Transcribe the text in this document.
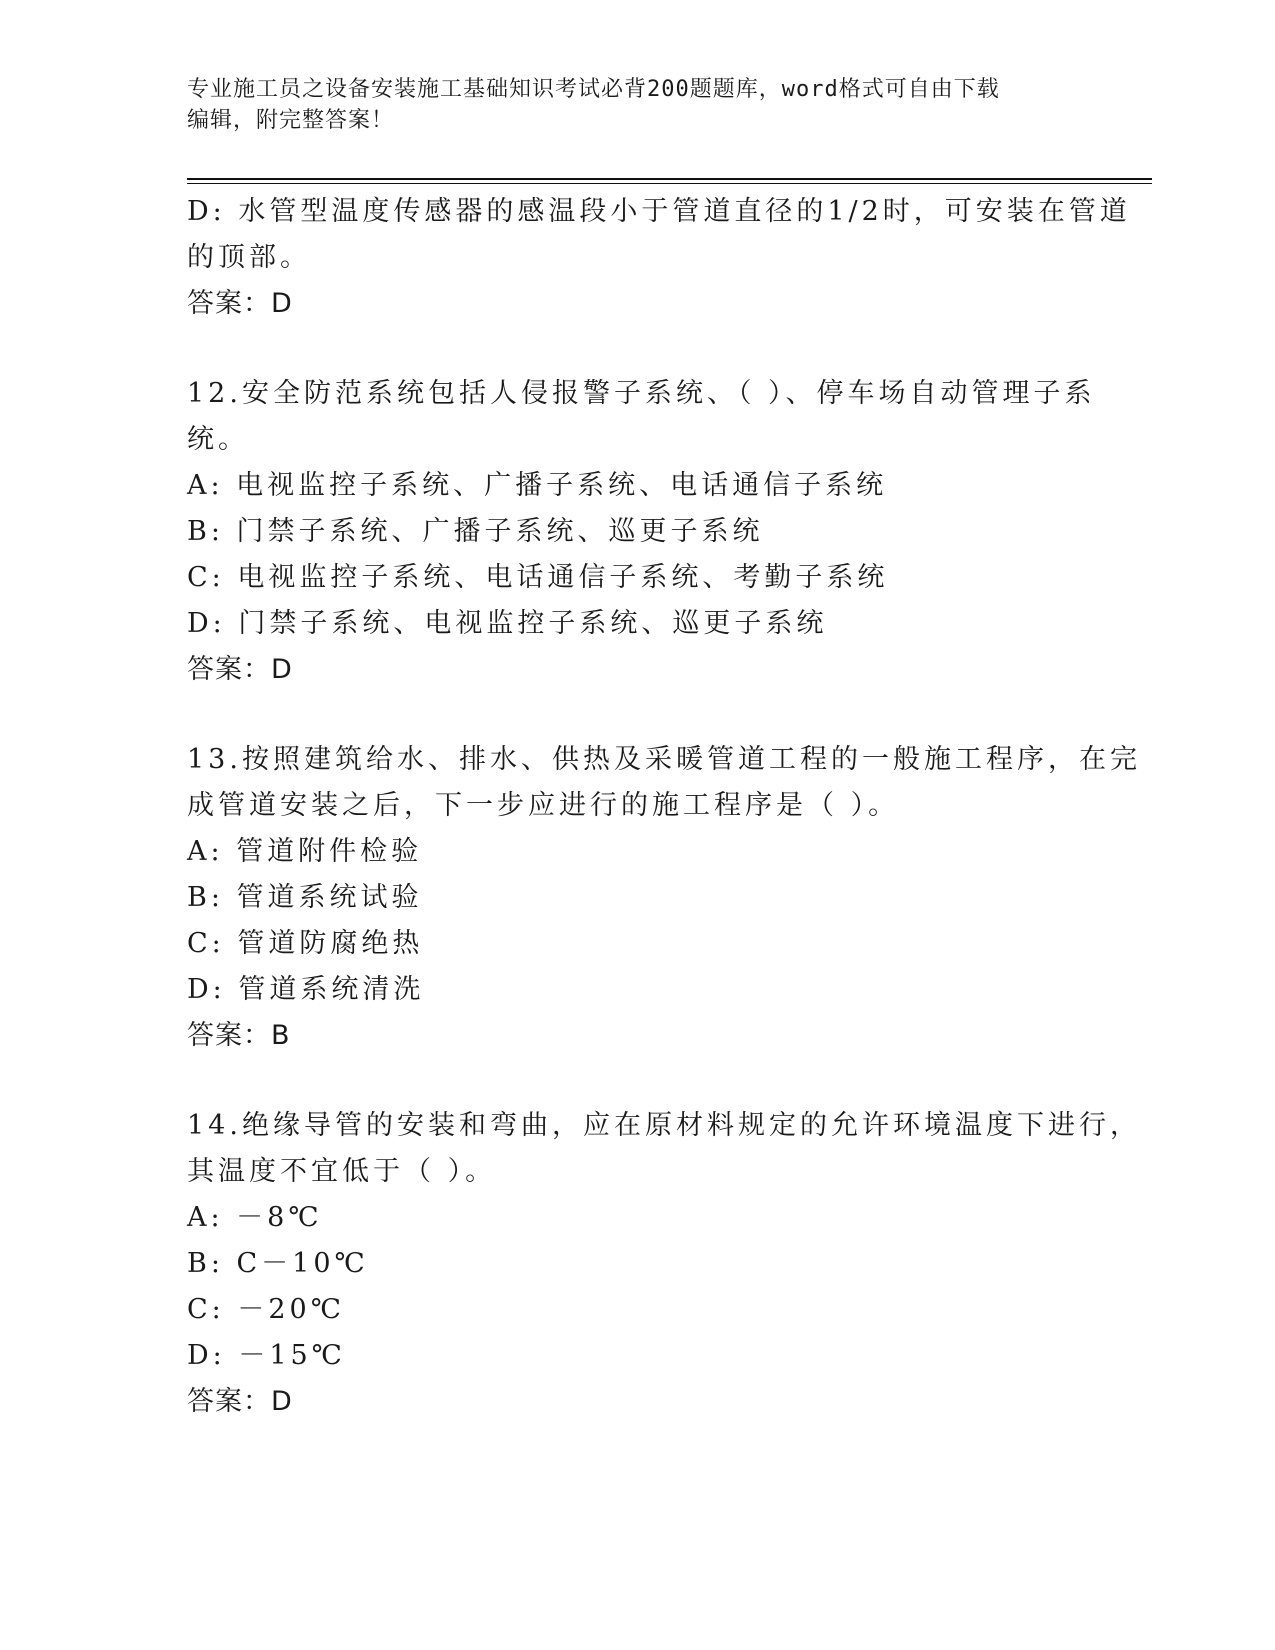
专业施工员之设备安装施工基础知识考试必背200题题库，word格式可自由下载
编辑，附完整答案！
D: 水管型温度传感器的感温段小于管道直径的1/2时，可安装在管道
的顶部。
答案：D
12.安全防范系统包括人侵报警子系统、（ ）、停车场自动管理子系
统。
A: 电视监控子系统、广播子系统、电话通信子系统
B: 门禁子系统、广播子系统、巡更子系统
C: 电视监控子系统、电话通信子系统、考勤子系统
D: 门禁子系统、电视监控子系统、巡更子系统
答案：D
13.按照建筑给水、排水、供热及采暖管道工程的一般施工程序，在完
成管道安装之后，下一步应进行的施工程序是（ ）。
A: 管道附件检验
B: 管道系统试验
C: 管道防腐绝热
D: 管道系统清洗
答案：B
14.绝缘导管的安装和弯曲，应在原材料规定的允许环境温度下进行，
其温度不宜低于（ ）。
A: －8℃
B: C－10℃
C: －20℃
D: －15℃
答案：D
